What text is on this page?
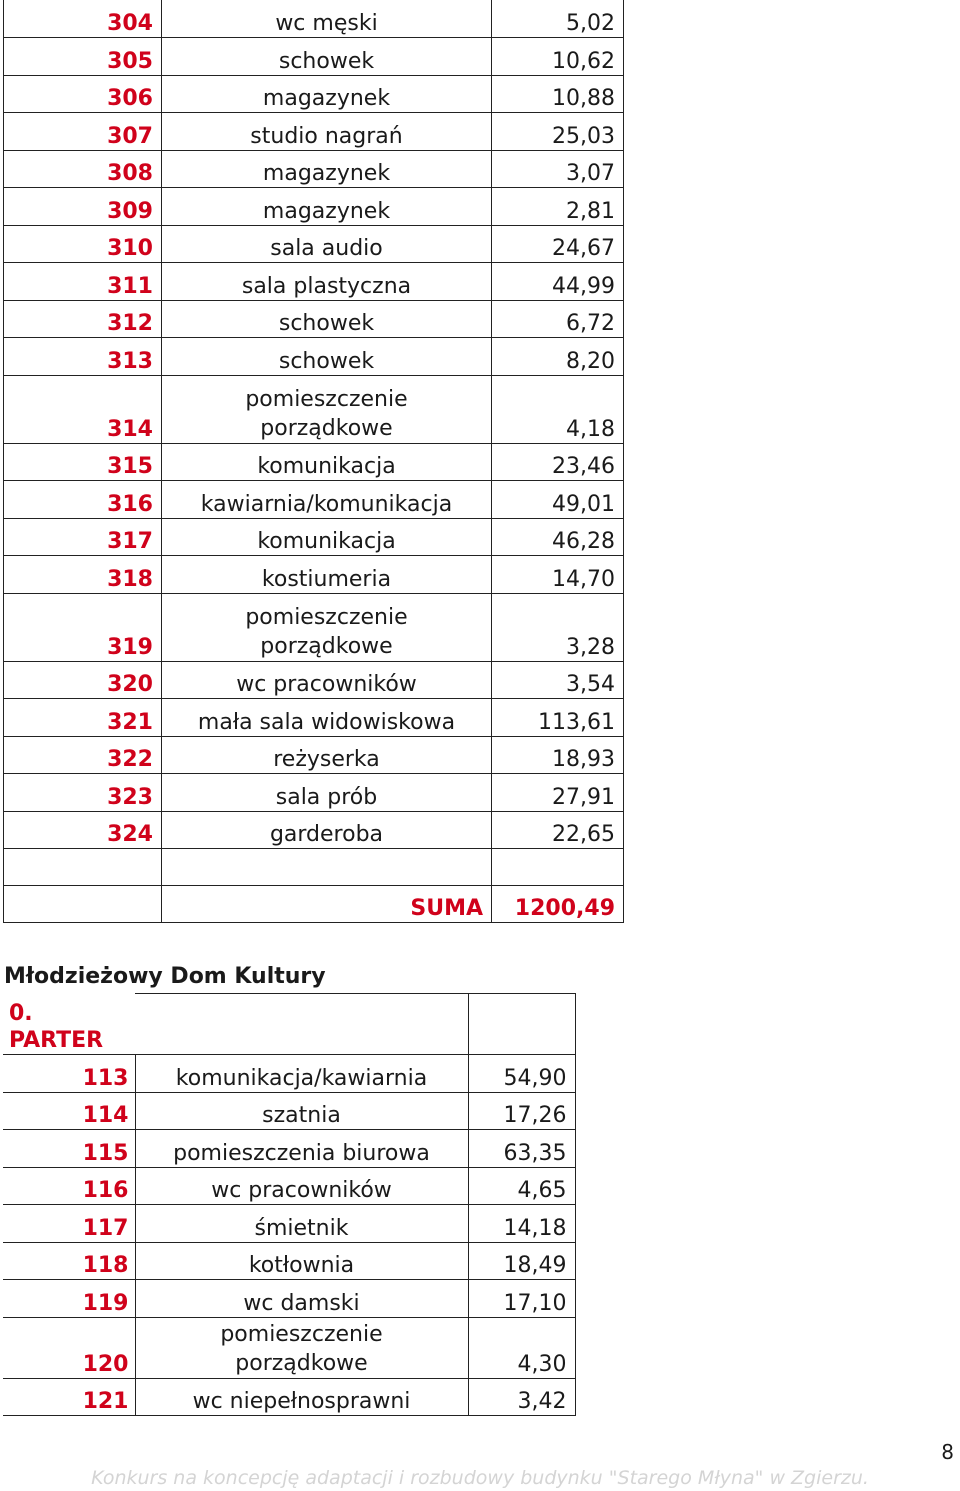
304	wc męski	5,02
305	schowek	10,62
306	magazynek	10,88
307	studio nagrań	25,03
308	magazynek	3,07
309	magazynek	2,81
310	sala audio	24,67
311	sala plastyczna	44,99
312	schowek	6,72
313	schowek	8,20
314	pomieszczenie
porządkowe	4,18
315	komunikacja	23,46
316	kawiarnia/komunikacja	49,01
317	komunikacja	46,28
318	kostiumeria	14,70
319	pomieszczenie
porządkowe	3,28
320	wc pracowników	3,54
321	mała sala widowiskowa	113,61
322	reżyserka	18,93
323	sala prób	27,91
324	garderoba	22,65

	SUMA	1200,49
Młodzieżowy Dom Kultury
0.
PARTER		
113	komunikacja/kawiarnia	54,90
114	szatnia	17,26
115	pomieszczenia biurowa	63,35
116	wc pracowników	4,65
117	śmietnik	14,18
118	kotłownia	18,49
119	wc damski	17,10
120	pomieszczenie
porządkowe	4,30
121	wc niepełnosprawni	3,42
8
Konkurs na koncepcję adaptacji i rozbudowy budynku "Starego Młyna" w Zgierzu.
